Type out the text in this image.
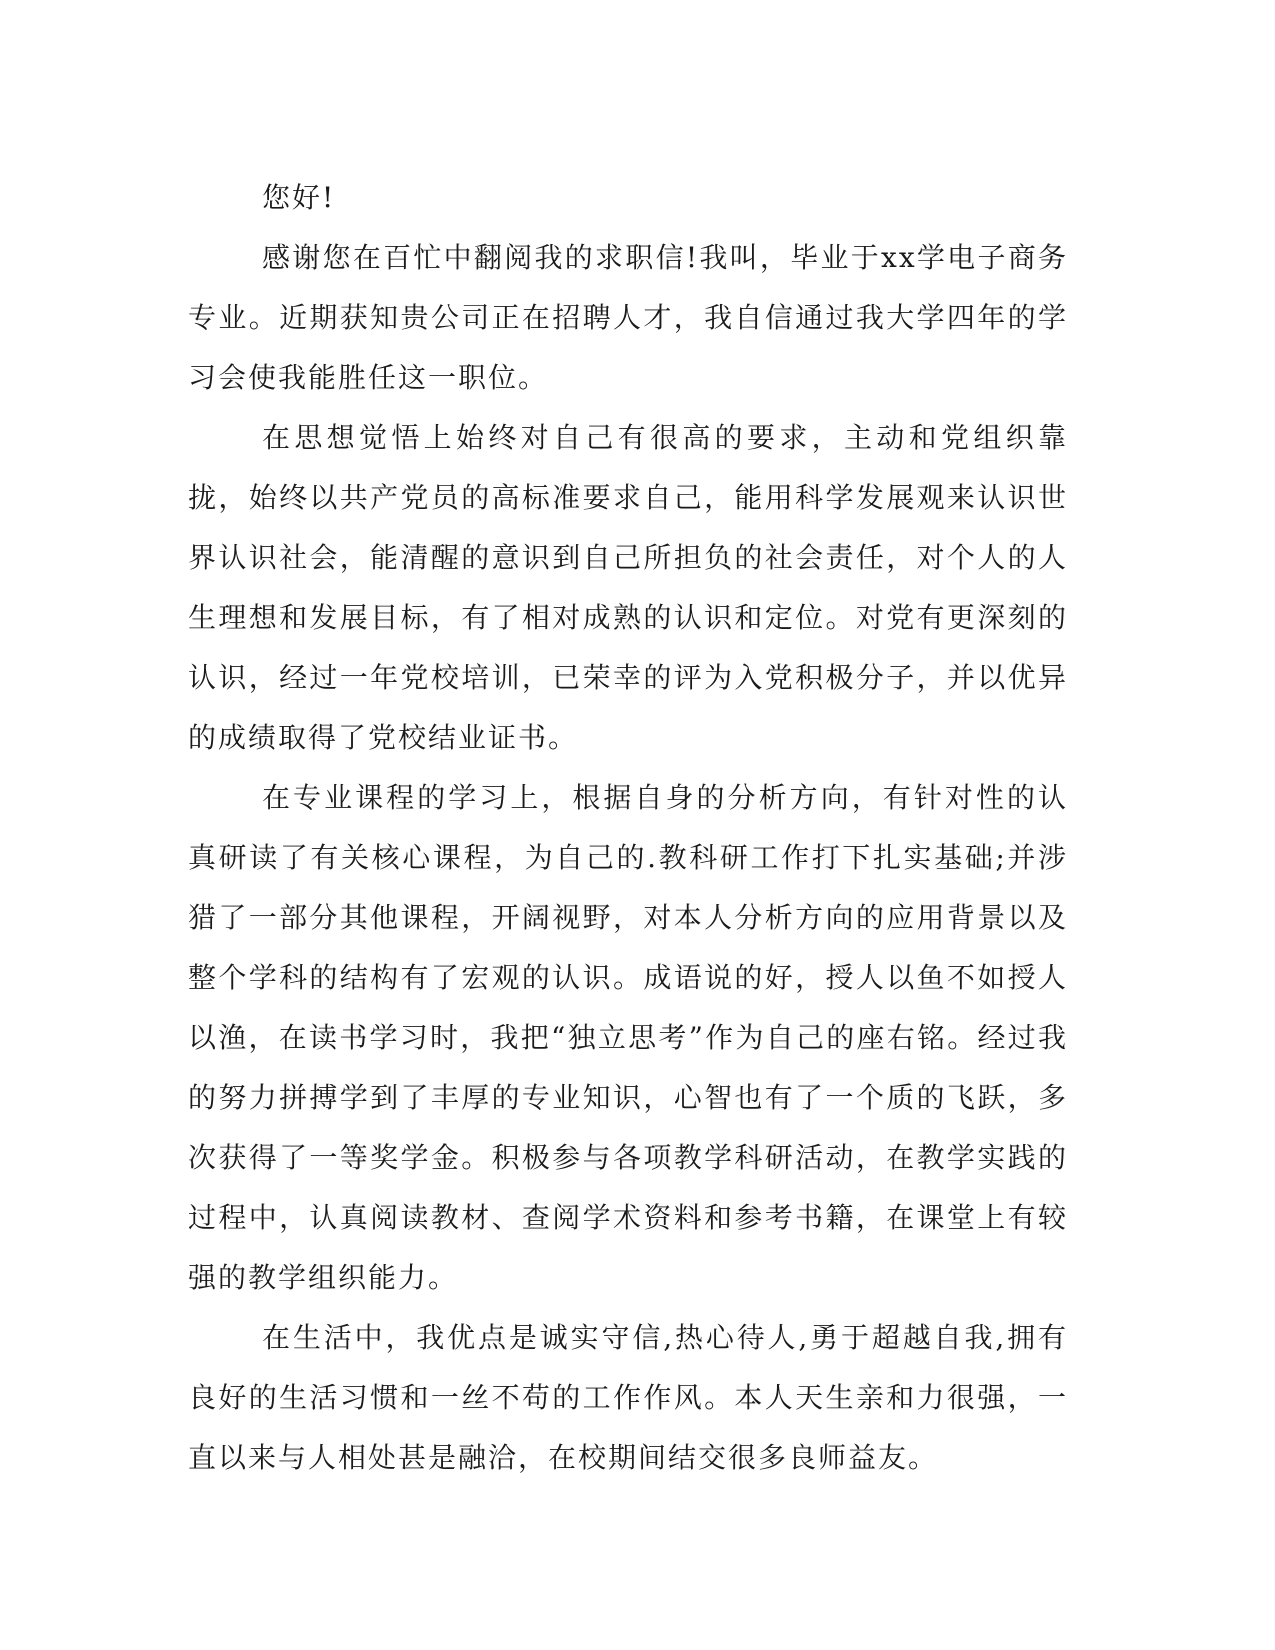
您好!

感谢您在百忙中翻阅我的求职信!我叫，毕业于xx学电子商务专业。近期获知贵公司正在招聘人才，我自信通过我大学四年的学习会使我能胜任这一职位。

在思想觉悟上始终对自己有很高的要求，主动和党组织靠拢，始终以共产党员的高标准要求自己，能用科学发展观来认识世界认识社会，能清醒的意识到自己所担负的社会责任，对个人的人生理想和发展目标，有了相对成熟的认识和定位。对党有更深刻的认识，经过一年党校培训，已荣幸的评为入党积极分子，并以优异的成绩取得了党校结业证书。

在专业课程的学习上，根据自身的分析方向，有针对性的认真研读了有关核心课程，为自己的.教科研工作打下扎实基础;并涉猎了一部分其他课程，开阔视野，对本人分析方向的应用背景以及整个学科的结构有了宏观的认识。成语说的好，授人以鱼不如授人以渔，在读书学习时，我把“独立思考”作为自己的座右铭。经过我的努力拼搏学到了丰厚的专业知识，心智也有了一个质的飞跃，多次获得了一等奖学金。积极参与各项教学科研活动，在教学实践的过程中，认真阅读教材、查阅学术资料和参考书籍，在课堂上有较强的教学组织能力。

在生活中，我优点是诚实守信,热心待人,勇于超越自我,拥有良好的生活习惯和一丝不苟的工作作风。本人天生亲和力很强，一直以来与人相处甚是融洽，在校期间结交很多良师益友。
